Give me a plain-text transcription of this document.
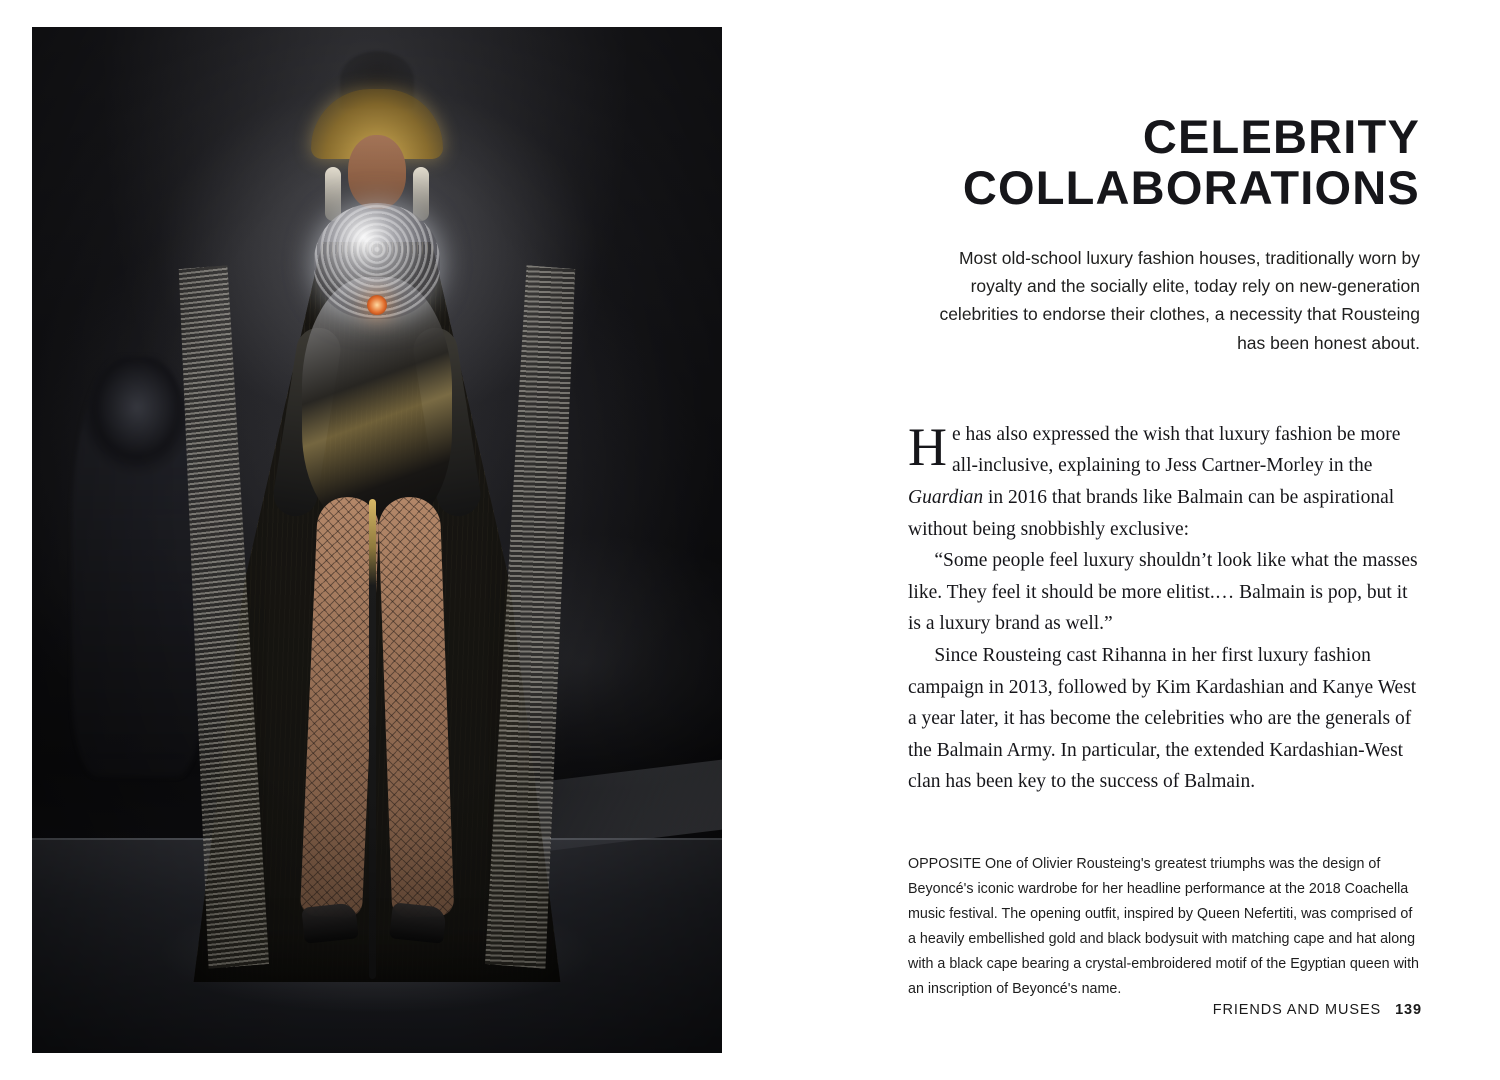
CELEBRITY
COLLABORATIONS

Most old-school luxury fashion houses, traditionally worn by royalty and the socially elite, today rely on new-generation celebrities to endorse their clothes, a necessity that Rousteing has been honest about.

He has also expressed the wish that luxury fashion be more all-inclusive, explaining to Jess Cartner-Morley in the Guardian in 2016 that brands like Balmain can be aspirational without being snobbishly exclusive:

“Some people feel luxury shouldn’t look like what the masses like. They feel it should be more elitist.… Balmain is pop, but it is a luxury brand as well.”

Since Rousteing cast Rihanna in her first luxury fashion campaign in 2013, followed by Kim Kardashian and Kanye West a year later, it has become the celebrities who are the generals of the Balmain Army. In particular, the extended Kardashian-West clan has been key to the success of Balmain.

OPPOSITE One of Olivier Rousteing's greatest triumphs was the design of Beyoncé's iconic wardrobe for her headline performance at the 2018 Coachella music festival. The opening outfit, inspired by Queen Nefertiti, was comprised of a heavily embellished gold and black bodysuit with matching cape and hat along with a black cape bearing a crystal-embroidered motif of the Egyptian queen with an inscription of Beyoncé's name.

FRIENDS AND MUSES 139
